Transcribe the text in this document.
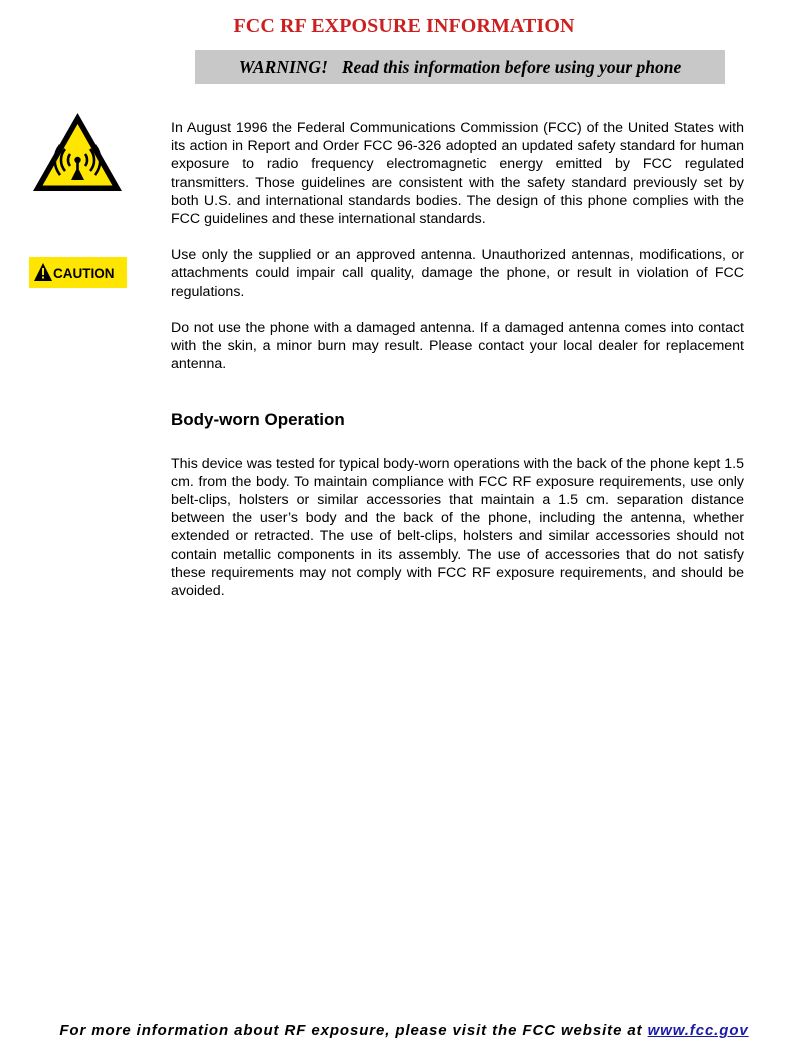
FCC RF EXPOSURE INFORMATION
WARNING! Read this information before using your phone
CAUTION

In August 1996 the Federal Communications Commission (FCC) of the United States with its action in Report and Order FCC 96-326 adopted an updated safety standard for human exposure to radio frequency electromagnetic energy emitted by FCC regulated transmitters. Those guidelines are consistent with the safety standard previously set by both U.S. and international standards bodies. The design of this phone complies with the FCC guidelines and these international standards.

Use only the supplied or an approved antenna. Unauthorized antennas, modifications, or attachments could impair call quality, damage the phone, or result in violation of FCC regulations.

Do not use the phone with a damaged antenna. If a damaged antenna comes into contact with the skin, a minor burn may result. Please contact your local dealer for replacement antenna.

Body-worn Operation

This device was tested for typical body-worn operations with the back of the phone kept 1.5 cm. from the body. To maintain compliance with FCC RF exposure requirements, use only belt-clips, holsters or similar accessories that maintain a 1.5 cm. separation distance between the user’s body and the back of the phone, including the antenna, whether extended or retracted. The use of belt-clips, holsters and similar accessories should not contain metallic components in its assembly. The use of accessories that do not satisfy these requirements may not comply with FCC RF exposure requirements, and should be avoided.

For more information about RF exposure, please visit the FCC website at www.fcc.gov
